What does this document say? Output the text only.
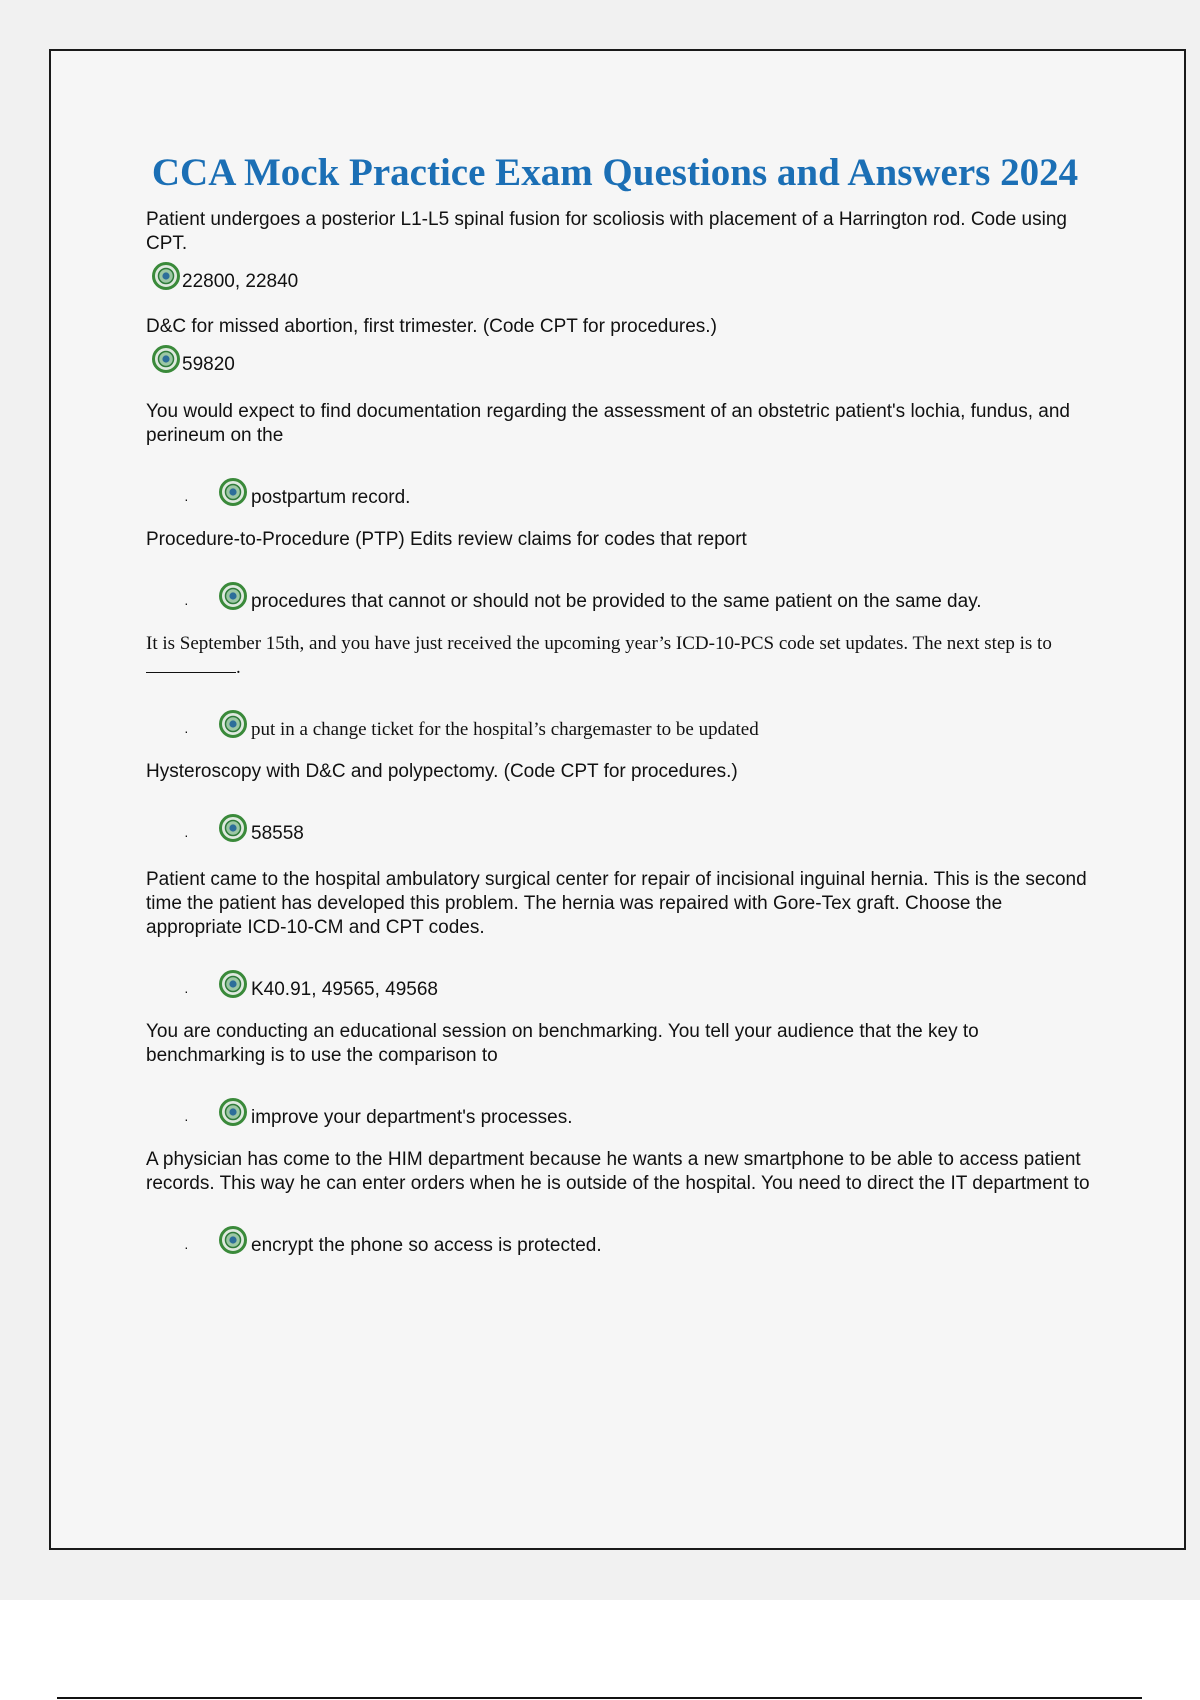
CCA Mock Practice Exam Questions and Answers 2024

Patient undergoes a posterior L1-L5 spinal fusion for scoliosis with placement of a Harrington rod. Code using CPT.

22800, 22840

D&C for missed abortion, first trimester. (Code CPT for procedures.)

59820

You would expect to find documentation regarding the assessment of an obstetric patient's lochia, fundus, and perineum on the

·	postpartum record.

Procedure-to-Procedure (PTP) Edits review claims for codes that report

·	procedures that cannot or should not be provided to the same patient on the same day.

It is September 15th, and you have just received the upcoming year’s ICD-10-PCS code set updates. The next step is to.

·	put in a change ticket for the hospital’s chargemaster to be updated

Hysteroscopy with D&C and polypectomy. (Code CPT for procedures.)

·	58558

Patient came to the hospital ambulatory surgical center for repair of incisional inguinal hernia. This is the second time the patient has developed this problem. The hernia was repaired with Gore-Tex graft. Choose the appropriate ICD-10-CM and CPT codes.

·	K40.91, 49565, 49568

You are conducting an educational session on benchmarking. You tell your audience that the key to benchmarking is to use the comparison to

·	improve your department's processes.

A physician has come to the HIM department because he wants a new smartphone to be able to access patient records. This way he can enter orders when he is outside of the hospital. You need to direct the IT department to

·	encrypt the phone so access is protected.
